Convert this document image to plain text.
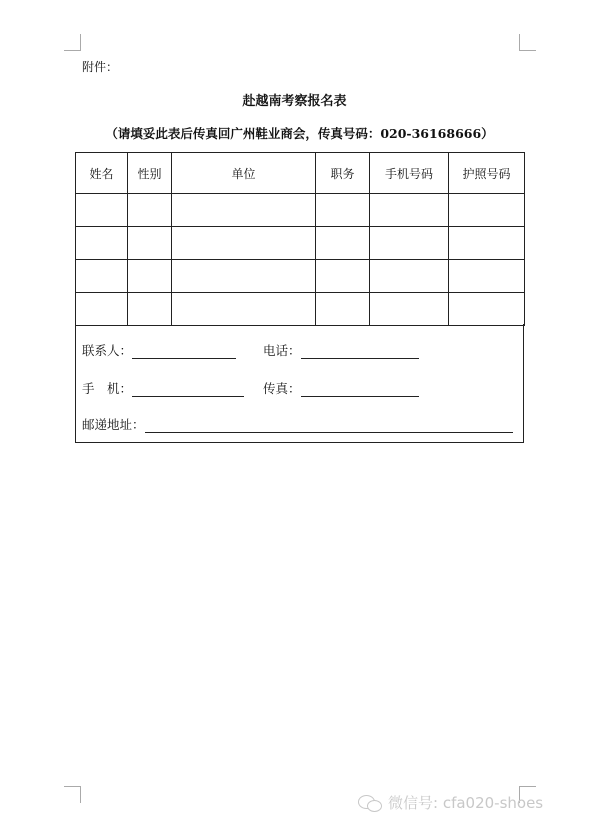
附件：
赴越南考察报名表
（请填妥此表后传真回广州鞋业商会，传真号码：020-36168666）
姓名	性别	单位	职务	手机号码	护照号码

联系人：	电话：
手　机：	传真：
邮递地址：
微信号: cfa020-shoes
